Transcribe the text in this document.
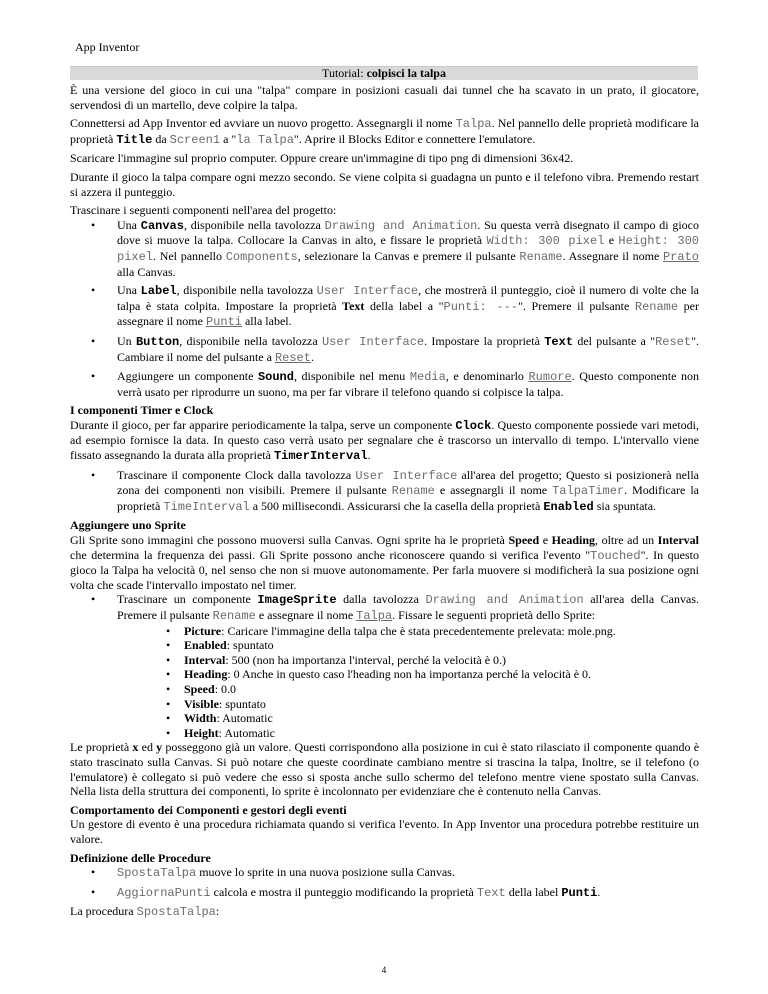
App Inventor
Tutorial: colpisci la talpa

È una versione del gioco in cui una "talpa" compare in posizioni casuali dai tunnel che ha scavato in un prato, il giocatore, servendosi di un martello, deve colpire la talpa.

Connettersi ad App Inventor ed avviare un nuovo progetto. Assegnargli il nome Talpa. Nel pannello delle proprietà modificare la proprietà Title da Screen1 a "la Talpa". Aprire il Blocks Editor e connettere l'emulatore.

Scaricare l'immagine sul proprio computer. Oppure creare un'immagine di tipo png di dimensioni 36x42.

Durante il gioco la talpa compare ogni mezzo secondo. Se viene colpita si guadagna un punto e il telefono vibra. Premendo restart si azzera il punteggio.

Trascinare i seguenti componenti nell'area del progetto:

• Una Canvas, disponibile nella tavolozza Drawing and Animation. Su questa verrà disegnato il campo di gioco dove si muove la talpa. Collocare la Canvas in alto, e fissare le proprietà Width: 300 pixel e Height: 300 pixel. Nel pannello Components, selezionare la Canvas e premere il pulsante Rename. Assegnare il nome Prato alla Canvas.
• Una Label, disponibile nella tavolozza User Interface, che mostrerà il punteggio, cioè il numero di volte che la talpa è stata colpita. Impostare la proprietà Text della label a "Punti: ---". Premere il pulsante Rename per assegnare il nome Punti alla label.
• Un Button, disponibile nella tavolozza User Interface. Impostare la proprietà Text del pulsante a "Reset". Cambiare il nome del pulsante a Reset.
• Aggiungere un componente Sound, disponibile nel menu Media, e denominarlo Rumore. Questo componente non verrà usato per riprodurre un suono, ma per far vibrare il telefono quando si colpisce la talpa.

I componenti Timer e Clock

Durante il gioco, per far apparire periodicamente la talpa, serve un componente Clock. Questo componente possiede vari metodi, ad esempio fornisce la data. In questo caso verrà usato per segnalare che è trascorso un intervallo di tempo. L'intervallo viene fissato assegnando la durata alla proprietà TimerInterval.

• Trascinare il componente Clock dalla tavolozza User Interface all'area del progetto; Questo si posizionerà nella zona dei componenti non visibili. Premere il pulsante Rename e assegnargli il nome TalpaTimer. Modificare la proprietà TimeInterval a 500 millisecondi. Assicurarsi che la casella della proprietà Enabled sia spuntata.

Aggiungere uno Sprite

Gli Sprite sono immagini che possono muoversi sulla Canvas. Ogni sprite ha le proprietà Speed e Heading, oltre ad un Interval che determina la frequenza dei passi. Gli Sprite possono anche riconoscere quando si verifica l'evento "Touched". In questo gioco la Talpa ha velocità 0, nel senso che non si muove autonomamente. Per farla muovere si modificherà la sua posizione ogni volta che scade l'intervallo impostato nel timer.

• Trascinare un componente ImageSprite dalla tavolozza Drawing and Animation all'area della Canvas. Premere il pulsante Rename e assegnare il nome Talpa. Fissare le seguenti proprietà dello Sprite:
• Picture: Caricare l'immagine della talpa che è stata precedentemente prelevata: mole.png.
• Enabled: spuntato
• Interval: 500 (non ha importanza l'interval, perché la velocità è 0.)
• Heading: 0 Anche in questo caso l'heading non ha importanza perché la velocità è 0.
• Speed: 0.0
• Visible: spuntato
• Width: Automatic
• Height: Automatic

Le proprietà x ed y posseggono già un valore. Questi corrispondono alla posizione in cui è stato rilasciato il componente quando è stato trascinato sulla Canvas. Si può notare che queste coordinate cambiano mentre si trascina la talpa, Inoltre, se il telefono (o l'emulatore) è collegato si può vedere che esso si sposta anche sullo schermo del telefono mentre viene spostato sulla Canvas. Nella lista della struttura dei componenti, lo sprite è incolonnato per evidenziare che è contenuto nella Canvas.

Comportamento dei Componenti e gestori degli eventi

Un gestore di evento è una procedura richiamata quando si verifica l'evento. In App Inventor una procedura potrebbe restituire un valore.

Definizione delle Procedure

• SpostaTalpa muove lo sprite in una nuova posizione sulla Canvas.
• AggiornaPunti calcola e mostra il punteggio modificando la proprietà Text della label Punti.

La procedura SpostaTalpa:

4
